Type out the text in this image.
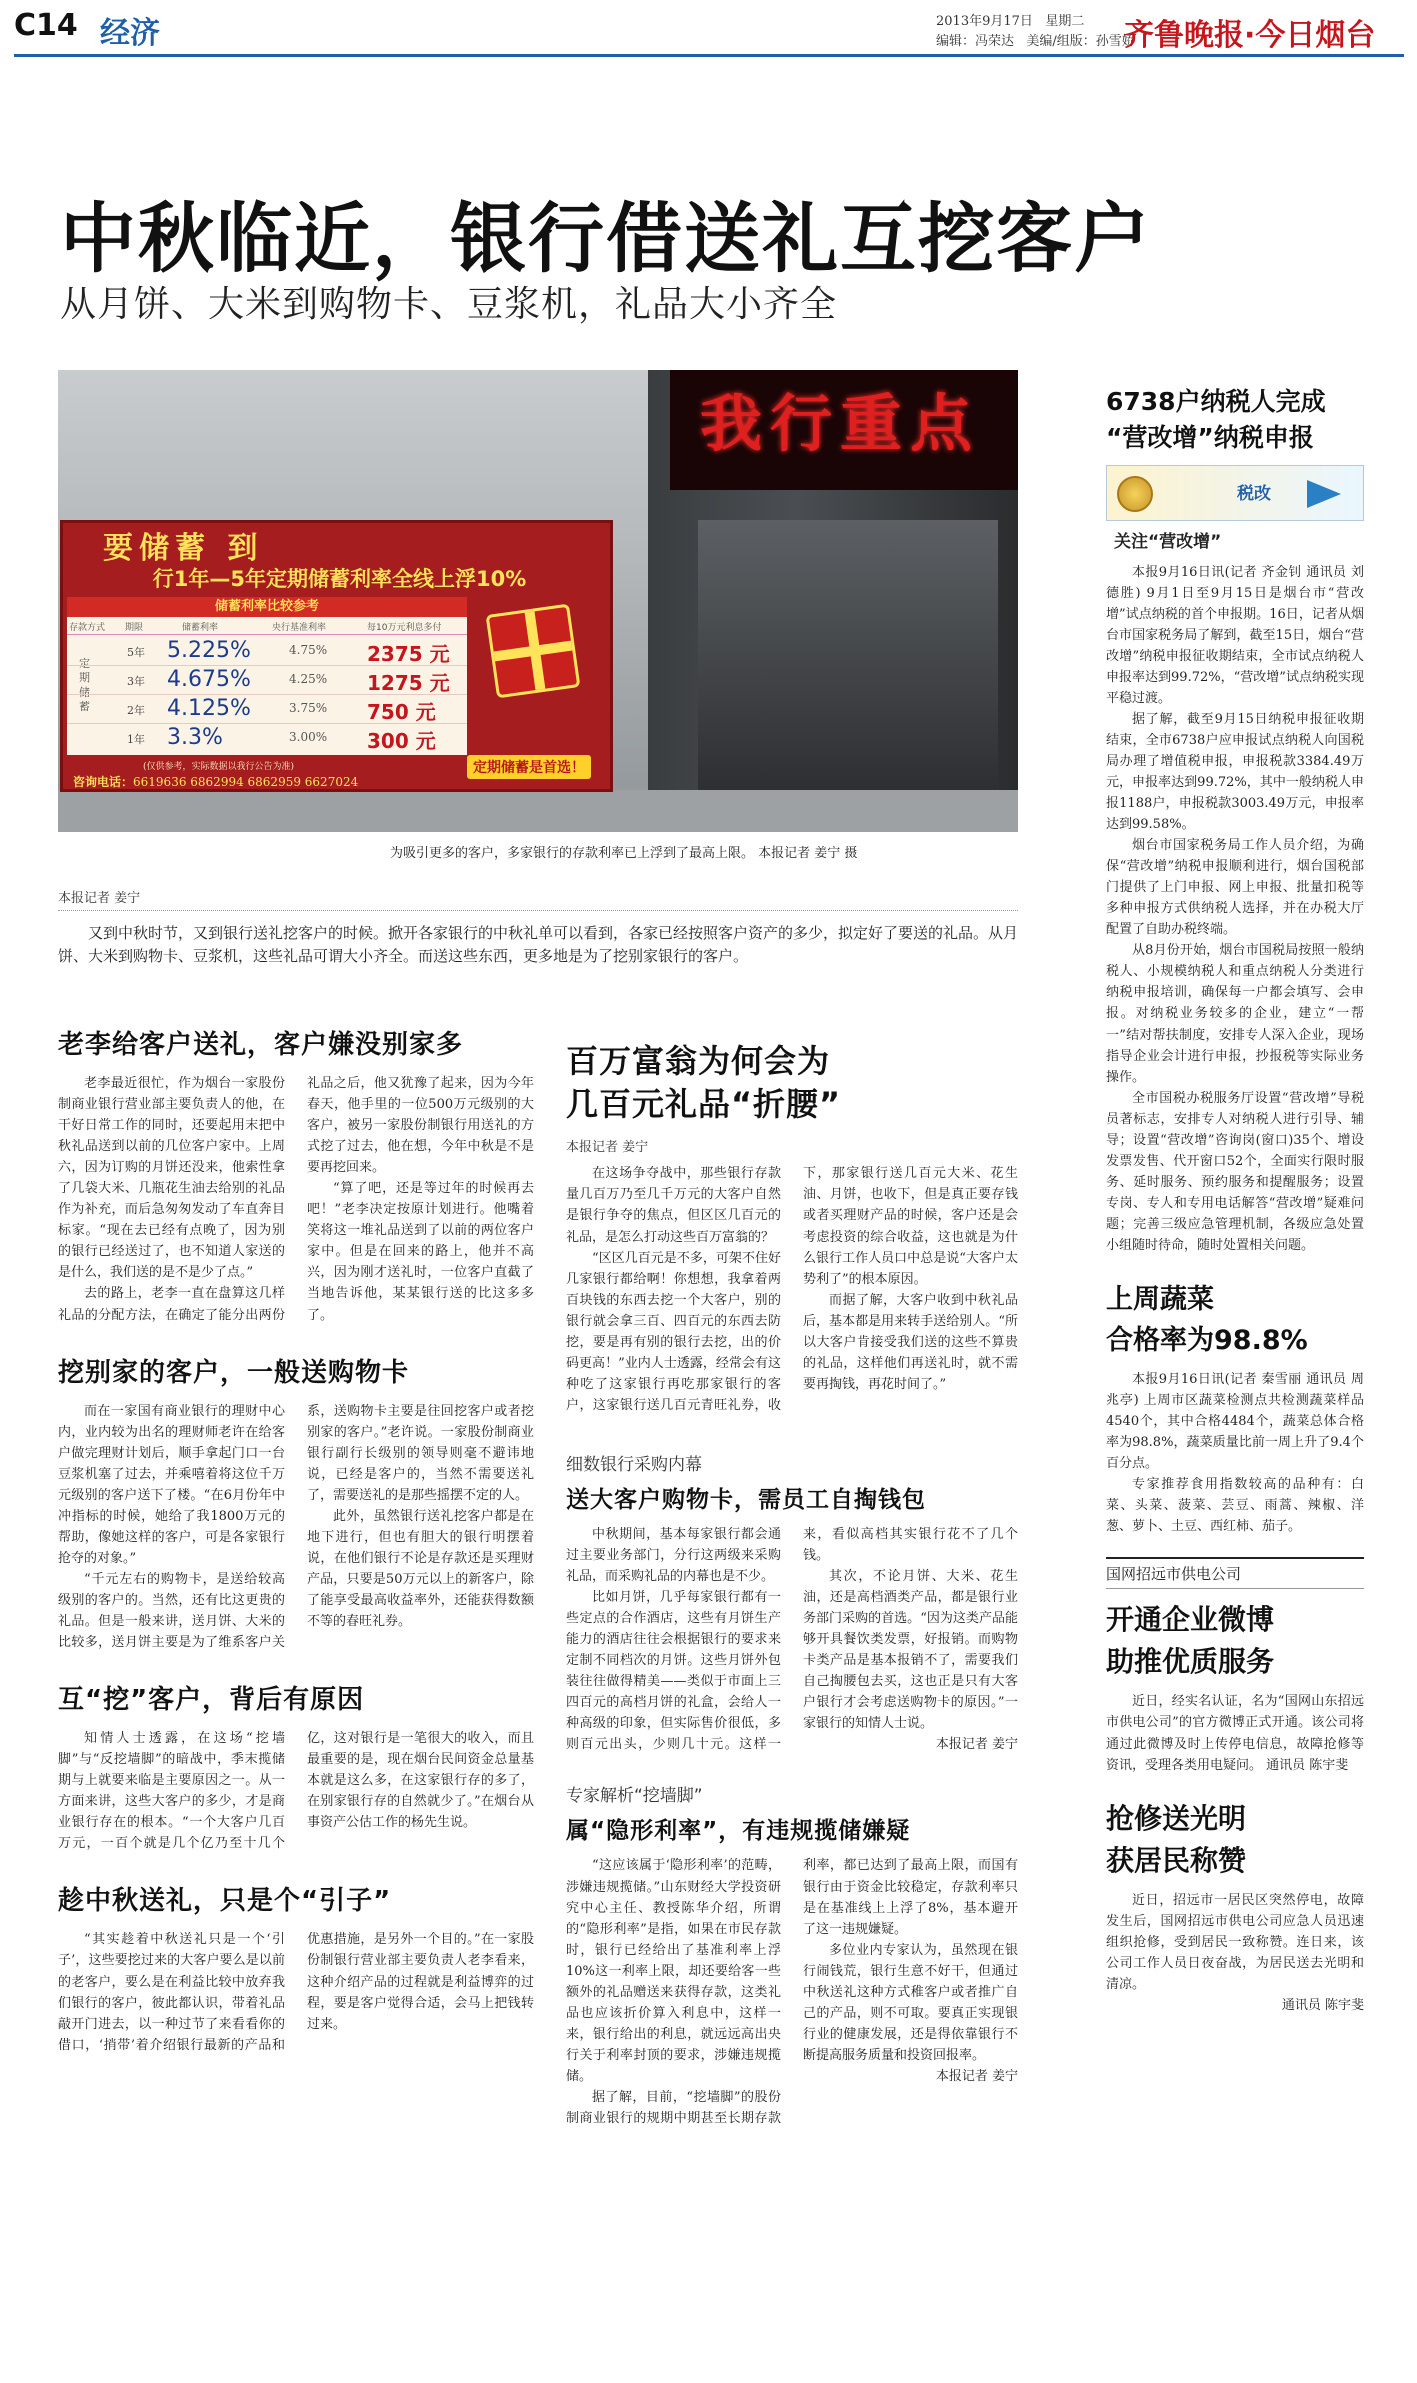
C14 经济	2013年9月17日 星期二
编辑：冯荣达 美编/组版：孙雪娇
齐鲁晚报·今日烟台
中秋临近，银行借送礼互挖客户
从月饼、大米到购物卡、豆浆机，礼品大小齐全
我行重点
要储蓄 到
行1年—5年定期储蓄利率全线上浮10%
储蓄利率比较参考
存款方式 期限	储蓄利率	央行基准利率	每10万元利息多付
定期储蓄
5年 5.225%	4.75% 2375 元
3年 4.675%	4.25% 1275 元
2年 4.125%	3.75% 750 元
1年 3.3%	3.00% 300 元
(仅供参考，实际数据以我行公告为准)
咨询电话：6619636 6862994 6862959 6627024
定期储蓄是首选！
为吸引更多的客户，多家银行的存款利率已上浮到了最高上限。 本报记者 姜宁 摄
本报记者 姜宁
又到中秋时节，又到银行送礼挖客户的时候。掀开各家银行的中秋礼单可以看到，各家已经按照客户资产的多少，拟定好了要送的礼品。从月饼、大米到购物卡、豆浆机，这些礼品可谓大小齐全。而送这些东西，更多地是为了挖别家银行的客户。
老李给客户送礼，客户嫌没别家多

老李最近很忙，作为烟台一家股份制商业银行营业部主要负责人的他，在干好日常工作的同时，还要起用末把中秋礼品送到以前的几位客户家中。上周六，因为订购的月饼还没来，他索性拿了几袋大米、几瓶花生油去给别的礼品作为补充，而后急匆匆发动了车直奔目标家。“现在去已经有点晚了，因为别的银行已经送过了，也不知道人家送的是什么，我们送的是不是少了点。”

去的路上，老李一直在盘算这几样礼品的分配方法，在确定了能分出两份礼品之后，他又犹豫了起来，因为今年春天，他手里的一位500万元级别的大客户，被另一家股份制银行用送礼的方式挖了过去，他在想，今年中秋是不是要再挖回来。

“算了吧，还是等过年的时候再去吧！”老李决定按原计划进行。他嘴着笑将这一堆礼品送到了以前的两位客户家中。但是在回来的路上，他并不高兴，因为刚才送礼时，一位客户直截了当地告诉他，某某银行送的比这多多了。

挖别家的客户，一般送购物卡

而在一家国有商业银行的理财中心内，业内较为出名的理财师老许在给客户做完理财计划后，顺手拿起门口一台豆浆机塞了过去，并乘嘻着将这位千万元级别的客户送下了楼。“在6月份年中冲指标的时候，她给了我1800万元的帮助，像她这样的客户，可是各家银行抢夺的对象。”

“千元左右的购物卡，是送给较高级别的客户的。当然，还有比这更贵的礼品。但是一般来讲，送月饼、大米的比较多，送月饼主要是为了维系客户关系，送购物卡主要是往回挖客户或者挖别家的客户。”老许说。一家股份制商业银行副行长级别的领导则毫不避讳地说，已经是客户的，当然不需要送礼了，需要送礼的是那些摇摆不定的人。

此外，虽然银行送礼挖客户都是在地下进行，但也有胆大的银行明摆着说，在他们银行不论是存款还是买理财产品，只要是50万元以上的新客户，除了能享受最高收益率外，还能获得数额不等的春旺礼券。

互“挖”客户，背后有原因

知情人士透露，在这场“挖墙脚”与“反挖墙脚”的暗战中，季末揽储期与上就要来临是主要原因之一。从一方面来讲，这些大客户的多少，才是商业银行存在的根本。“一个大客户几百万元，一百个就是几个亿乃至十几个亿，这对银行是一笔很大的收入，而且最重要的是，现在烟台民间资金总量基本就是这么多，在这家银行存的多了，在别家银行存的自然就少了。”在烟台从事资产公估工作的杨先生说。

趁中秋送礼，只是个“引子”

“其实趁着中秋送礼只是一个‘引子’，这些要挖过来的大客户要么是以前的老客户，要么是在利益比较中放弃我们银行的客户，彼此都认识，带着礼品敲开门进去，以一种过节了来看看你的借口，‘捎带’着介绍银行最新的产品和优惠措施，是另外一个目的。”在一家股份制银行营业部主要负责人老李看来，这种介绍产品的过程就是利益博弈的过程，要是客户觉得合适，会马上把钱转过来。

百万富翁为何会为
几百元礼品“折腰”
本报记者 姜宁

在这场争夺战中，那些银行存款量几百万乃至几千万元的大客户自然是银行争夺的焦点，但区区几百元的礼品，是怎么打动这些百万富翁的？

“区区几百元是不多，可架不住好几家银行都给啊！你想想，我拿着两百块钱的东西去挖一个大客户，别的银行就会拿三百、四百元的东西去防挖，要是再有别的银行去挖，出的价码更高！”业内人士透露，经常会有这种吃了这家银行再吃那家银行的客户，这家银行送几百元青旺礼券，收下，那家银行送几百元大米、花生油、月饼，也收下，但是真正要存钱或者买理财产品的时候，客户还是会考虑投资的综合收益，这也就是为什么银行工作人员口中总是说“大客户太势利了”的根本原因。

而据了解，大客户收到中秋礼品后，基本都是用来转手送给别人。“所以大客户肯接受我们送的这些不算贵的礼品，这样他们再送礼时，就不需要再掏钱，再花时间了。”

细数银行采购内幕
送大客户购物卡，需员工自掏钱包

中秋期间，基本每家银行都会通过主要业务部门，分行这两级来采购礼品，而采购礼品的内幕也是不少。

比如月饼，几乎每家银行都有一些定点的合作酒店，这些有月饼生产能力的酒店往往会根据银行的要求来定制不同档次的月饼。这些月饼外包装往往做得精美——类似于市面上三四百元的高档月饼的礼盒，会给人一种高级的印象，但实际售价很低，多则百元出头，少则几十元。这样一来，看似高档其实银行花不了几个钱。

其次，不论月饼、大米、花生油，还是高档酒类产品，都是银行业务部门采购的首选。“因为这类产品能够开具餐饮类发票，好报销。而购物卡类产品是基本报销不了，需要我们自己掏腰包去买，这也正是只有大客户银行才会考虑送购物卡的原因。”一家银行的知情人士说。

本报记者 姜宁

专家解析“挖墙脚”
属“隐形利率”，有违规揽储嫌疑

“这应该属于‘隐形利率’的范畴，涉嫌违规揽储。”山东财经大学投资研究中心主任、教授陈华介绍，所谓的“隐形利率”是指，如果在市民存款时，银行已经给出了基准利率上浮10%这一利率上限，却还要给客一些额外的礼品赠送来获得存款，这类礼品也应该折价算入利息中，这样一来，银行给出的利息，就远远高出央行关于利率封顶的要求，涉嫌违规揽储。

据了解，目前，“挖墙脚”的股份制商业银行的规期中期甚至长期存款利率，都已达到了最高上限，而国有银行由于资金比较稳定，存款利率只是在基准线上上浮了8%，基本避开了这一违规嫌疑。

多位业内专家认为，虽然现在银行闹钱荒，银行生意不好干，但通过中秋送礼这种方式稚客户或者推广自己的产品，则不可取。要真正实现银行业的健康发展，还是得依靠银行不断提高服务质量和投资回报率。

本报记者 姜宁

6738户纳税人完成
“营改增”纳税申报
税改
关注“营改增”

本报9月16日讯(记者 齐金钊 通讯员 刘德胜) 9月1日至9月15日是烟台市“营改增”试点纳税的首个申报期。16日，记者从烟台市国家税务局了解到，截至15日，烟台“营改增”纳税申报征收期结束，全市试点纳税人申报率达到99.72%，“营改增”试点纳税实现平稳过渡。

据了解，截至9月15日纳税申报征收期结束，全市6738户应申报试点纳税人向国税局办理了增值税申报，申报税款3384.49万元，申报率达到99.72%，其中一般纳税人申报1188户，申报税款3003.49万元，申报率达到99.58%。

烟台市国家税务局工作人员介绍，为确保“营改增”纳税申报顺利进行，烟台国税部门提供了上门申报、网上申报、批量扣税等多种申报方式供纳税人选择，并在办税大厅配置了自助办税终端。

从8月份开始，烟台市国税局按照一般纳税人、小规模纳税人和重点纳税人分类进行纳税申报培训，确保每一户都会填写、会申报。对纳税业务较多的企业，建立“一帮一”结对帮扶制度，安排专人深入企业，现场指导企业会计进行申报，抄报税等实际业务操作。

全市国税办税服务厅设置“营改增”导税员著标志，安排专人对纳税人进行引导、辅导；设置“营改增”咨询岗(窗口)35个、增设发票发售、代开窗口52个，全面实行限时服务、延时服务、预约服务和提醒服务；设置专岗、专人和专用电话解答“营改增”疑难问题；完善三级应急管理机制，各级应急处置小组随时待命，随时处置相关问题。

上周蔬菜
合格率为98.8%

本报9月16日讯(记者 秦雪丽 通讯员 周兆亭) 上周市区蔬菜检测点共检测蔬菜样品4540个，其中合格4484个，蔬菜总体合格率为98.8%，蔬菜质量比前一周上升了9.4个百分点。

专家推荐食用指数较高的品种有：白菜、头菜、菠菜、芸豆、雨蒿、辣椒、洋葱、萝卜、土豆、西红柿、茄子。

国网招远市供电公司
开通企业微博
助推优质服务

近日，经实名认证，名为“国网山东招远市供电公司”的官方微博正式开通。该公司将通过此微博及时上传停电信息，故障抢修等资讯，受理各类用电疑问。 通讯员 陈宇斐

抢修送光明
获居民称赞

近日，招远市一居民区突然停电，故障发生后，国网招远市供电公司应急人员迅速组织抢修，受到居民一致称赞。连日来，该公司工作人员日夜奋战，为居民送去光明和清凉。

通讯员 陈宇斐
